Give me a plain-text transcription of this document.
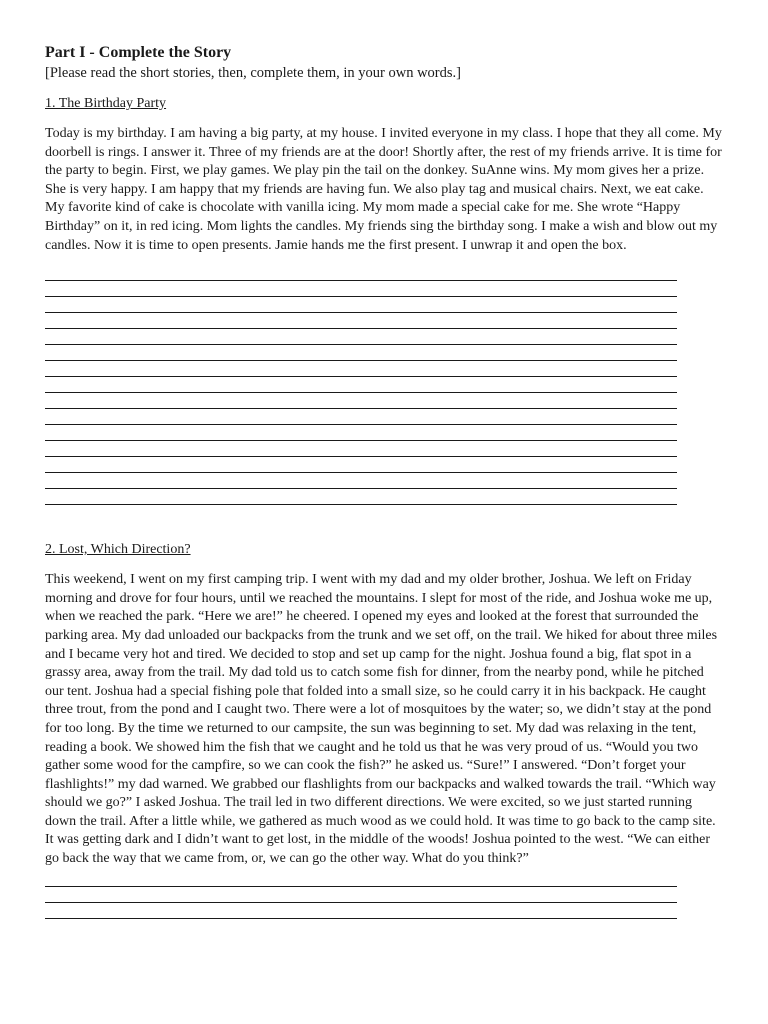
Part I - Complete the Story

[Please read the short stories, then, complete them, in your own words.]

1. The Birthday Party

Today is my birthday. I am having a big party, at my house. I invited everyone in my class. I hope that they all come. My doorbell is rings. I answer it. Three of my friends are at the door! Shortly after, the rest of my friends arrive. It is time for the party to begin. First, we play games. We play pin the tail on the donkey. SuAnne wins. My mom gives her a prize. She is very happy. I am happy that my friends are having fun. We also play tag and musical chairs. Next, we eat cake. My favorite kind of cake is chocolate with vanilla icing. My mom made a special cake for me. She wrote “Happy Birthday” on it, in red icing. Mom lights the candles. My friends sing the birthday song. I make a wish and blow out my candles. Now it is time to open presents. Jamie hands me the first present. I unwrap it and open the box.

2. Lost, Which Direction?

This weekend, I went on my first camping trip. I went with my dad and my older brother, Joshua. We left on Friday morning and drove for four hours, until we reached the mountains. I slept for most of the ride, and Joshua woke me up, when we reached the park. “Here we are!” he cheered. I opened my eyes and looked at the forest that surrounded the parking area. My dad unloaded our backpacks from the trunk and we set off, on the trail. We hiked for about three miles and I became very hot and tired. We decided to stop and set up camp for the night. Joshua found a big, flat spot in a grassy area, away from the trail. My dad told us to catch some fish for dinner, from the nearby pond, while he pitched our tent. Joshua had a special fishing pole that folded into a small size, so he could carry it in his backpack. He caught three trout, from the pond and I caught two. There were a lot of mosquitoes by the water; so, we didn’t stay at the pond for too long. By the time we returned to our campsite, the sun was beginning to set. My dad was relaxing in the tent, reading a book. We showed him the fish that we caught and he told us that he was very proud of us. “Would you two gather some wood for the campfire, so we can cook the fish?” he asked us. “Sure!” I answered. “Don’t forget your flashlights!” my dad warned. We grabbed our flashlights from our backpacks and walked towards the trail. “Which way should we go?” I asked Joshua. The trail led in two different directions. We were excited, so we just started running down the trail. After a little while, we gathered as much wood as we could hold. It was time to go back to the camp site. It was getting dark and I didn’t want to get lost, in the middle of the woods! Joshua pointed to the west. “We can either go back the way that we came from, or, we can go the other way. What do you think?”
